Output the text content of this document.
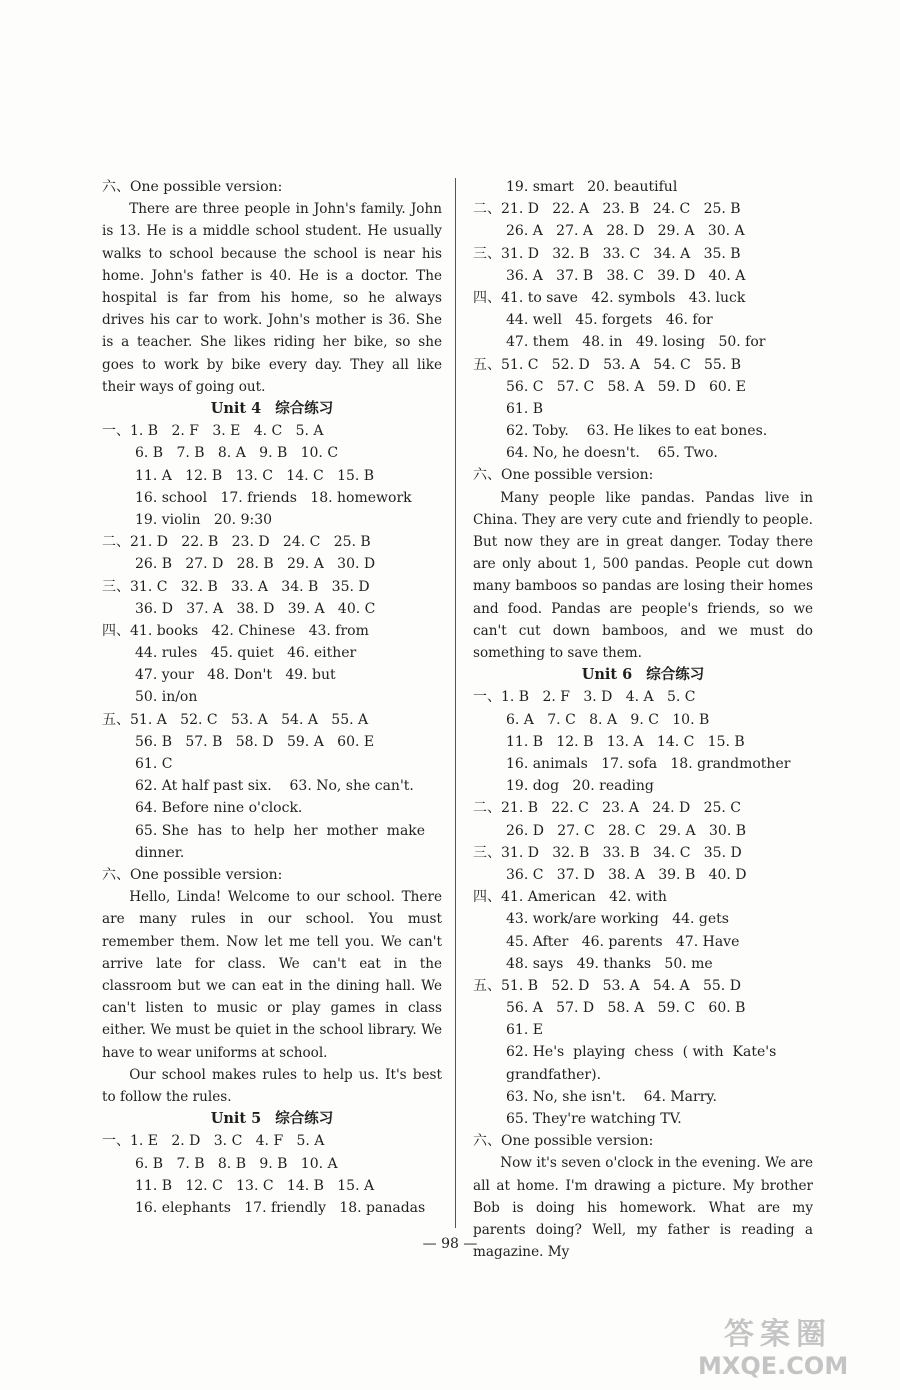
六、One possible version:

There are three people in John's family. John is 13. He is a middle school student. He usually walks to school because the school is near his home. John's father is 40. He is a doctor. The hospital is far from his home, so he always drives his car to work. John's mother is 36. She is a teacher. She likes riding her bike, so she goes to work by bike every day. They all like their ways of going out.

Unit 4 综合练习
一、1. B   2. F   3. E   4. C   5. A
6. B   7. B   8. A   9. B   10. C
11. A   12. B   13. C   14. C   15. B
16. school   17. friends   18. homework
19. violin   20. 9:30
二、21. D   22. B   23. D   24. C   25. B
26. B   27. D   28. B   29. A   30. D
三、31. C   32. B   33. A   34. B   35. D
36. D   37. A   38. D   39. A   40. C
四、41. books   42. Chinese   43. from
44. rules   45. quiet   46. either
47. your   48. Don't   49. but
50. in/on
五、51. A   52. C   53. A   54. A   55. A
56. B   57. B   58. D   59. A   60. E
61. C
62. At half past six.    63. No, she can't.
64. Before nine o'clock.
65. She  has  to  help  her  mother  make
dinner.
六、One possible version:

Hello, Linda! Welcome to our school. There are many rules in our school. You must remember them. Now let me tell you. We can't arrive late for class. We can't eat in the classroom but we can eat in the dining hall. We can't listen to music or play games in class either. We must be quiet in the school library. We have to wear uniforms at school.

Our school makes rules to help us. It's best to follow the rules.

Unit 5 综合练习
一、1. E   2. D   3. C   4. F   5. A
6. B   7. B   8. B   9. B   10. A
11. B   12. C   13. C   14. B   15. A
16. elephants   17. friendly   18. panadas
19. smart   20. beautiful
二、21. D   22. A   23. B   24. C   25. B
26. A   27. A   28. D   29. A   30. A
三、31. D   32. B   33. C   34. A   35. B
36. A   37. B   38. C   39. D   40. A
四、41. to save   42. symbols   43. luck
44. well   45. forgets   46. for
47. them   48. in   49. losing   50. for
五、51. C   52. D   53. A   54. C   55. B
56. C   57. C   58. A   59. D   60. E
61. B
62. Toby.    63. He likes to eat bones.
64. No, he doesn't.    65. Two.
六、One possible version:

Many people like pandas. Pandas live in China. They are very cute and friendly to people. But now they are in great danger. Today there are only about 1, 500 pandas. People cut down many bamboos so pandas are losing their homes and food. Pandas are people's friends, so we can't cut down bamboos, and we must do something to save them.

Unit 6 综合练习
一、1. B   2. F   3. D   4. A   5. C
6. A   7. C   8. A   9. C   10. B
11. B   12. B   13. A   14. C   15. B
16. animals   17. sofa   18. grandmother
19. dog   20. reading
二、21. B   22. C   23. A   24. D   25. C
26. D   27. C   28. C   29. A   30. B
三、31. D   32. B   33. B   34. C   35. D
36. C   37. D   38. A   39. B   40. D
四、41. American   42. with
43. work/are working   44. gets
45. After   46. parents   47. Have
48. says   49. thanks   50. me
五、51. B   52. D   53. A   54. A   55. D
56. A   57. D   58. A   59. C   60. B
61. E
62. He's  playing  chess  ( with  Kate's
grandfather).
63. No, she isn't.    64. Marry.
65. They're watching TV.
六、One possible version:

Now it's seven o'clock in the evening. We are all at home. I'm drawing a picture. My brother Bob is doing his homework. What are my parents doing? Well, my father is reading a magazine. My

— 98 —
答案圈
MXQE.COM
